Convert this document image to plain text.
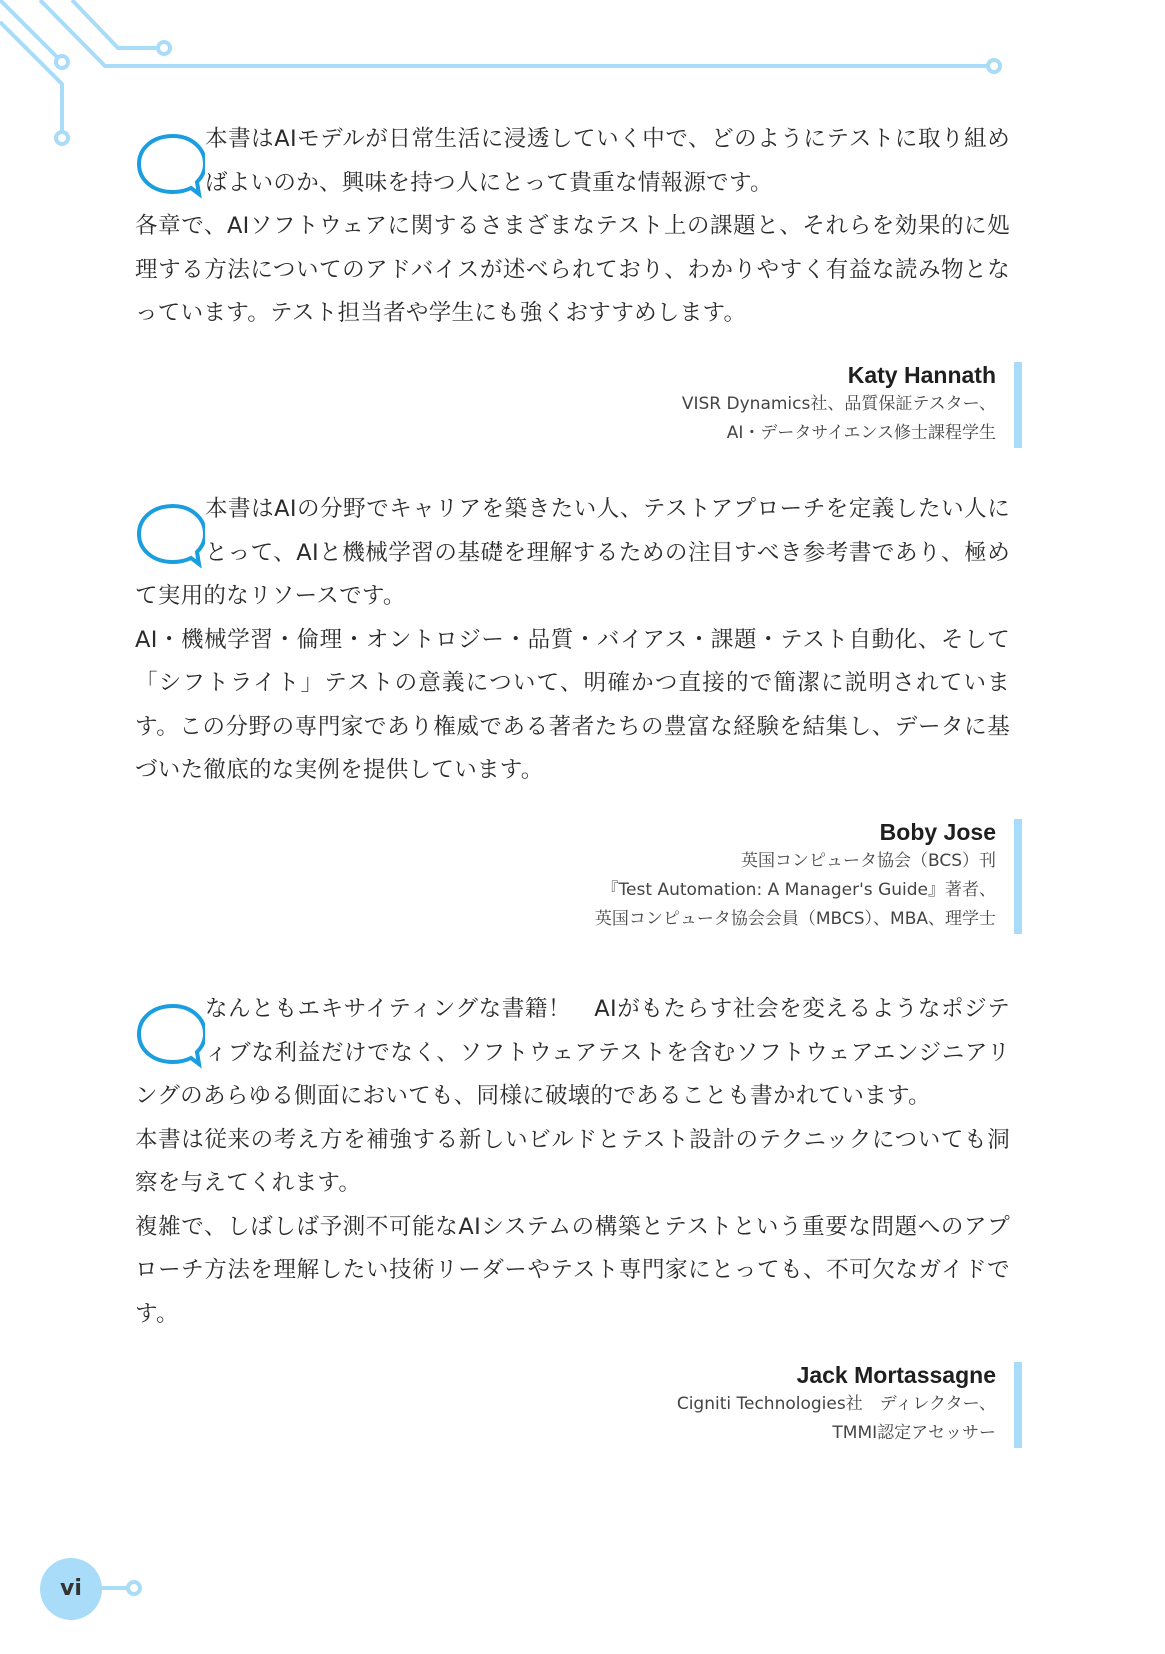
本書はAIモデルが日常生活に浸透していく中で、どのようにテストに取り組めばよいのか、興味を持つ人にとって貴重な情報源です。

各章で、AIソフトウェアに関するさまざまなテスト上の課題と、それらを効果的に処理する方法についてのアドバイスが述べられており、わかりやすく有益な読み物となっています。テスト担当者や学生にも強くおすすめします。

Katy Hannath
VISR Dynamics社、品質保証テスター、
AI・データサイエンス修士課程学生

本書はAIの分野でキャリアを築きたい人、テストアプローチを定義したい人にとって、AIと機械学習の基礎を理解するための注目すべき参考書であり、極めて実用的なリソースです。

AI・機械学習・倫理・オントロジー・品質・バイアス・課題・テスト自動化、そして「シフトライト」テストの意義について、明確かつ直接的で簡潔に説明されています。この分野の専門家であり権威である著者たちの豊富な経験を結集し、データに基づいた徹底的な実例を提供しています。

Boby Jose
英国コンピュータ協会（BCS）刊
『Test Automation: A Manager's Guide』著者、
英国コンピュータ協会会員（MBCS）、MBA、理学士

なんともエキサイティングな書籍！　AIがもたらす社会を変えるようなポジティブな利益だけでなく、ソフトウェアテストを含むソフトウェアエンジニアリングのあらゆる側面においても、同様に破壊的であることも書かれています。

本書は従来の考え方を補強する新しいビルドとテスト設計のテクニックについても洞察を与えてくれます。

複雑で、しばしば予測不可能なAIシステムの構築とテストという重要な問題へのアプローチ方法を理解したい技術リーダーやテスト専門家にとっても、不可欠なガイドです。

Jack Mortassagne
Cigniti Technologies社　ディレクター、
TMMI認定アセッサー
vi
